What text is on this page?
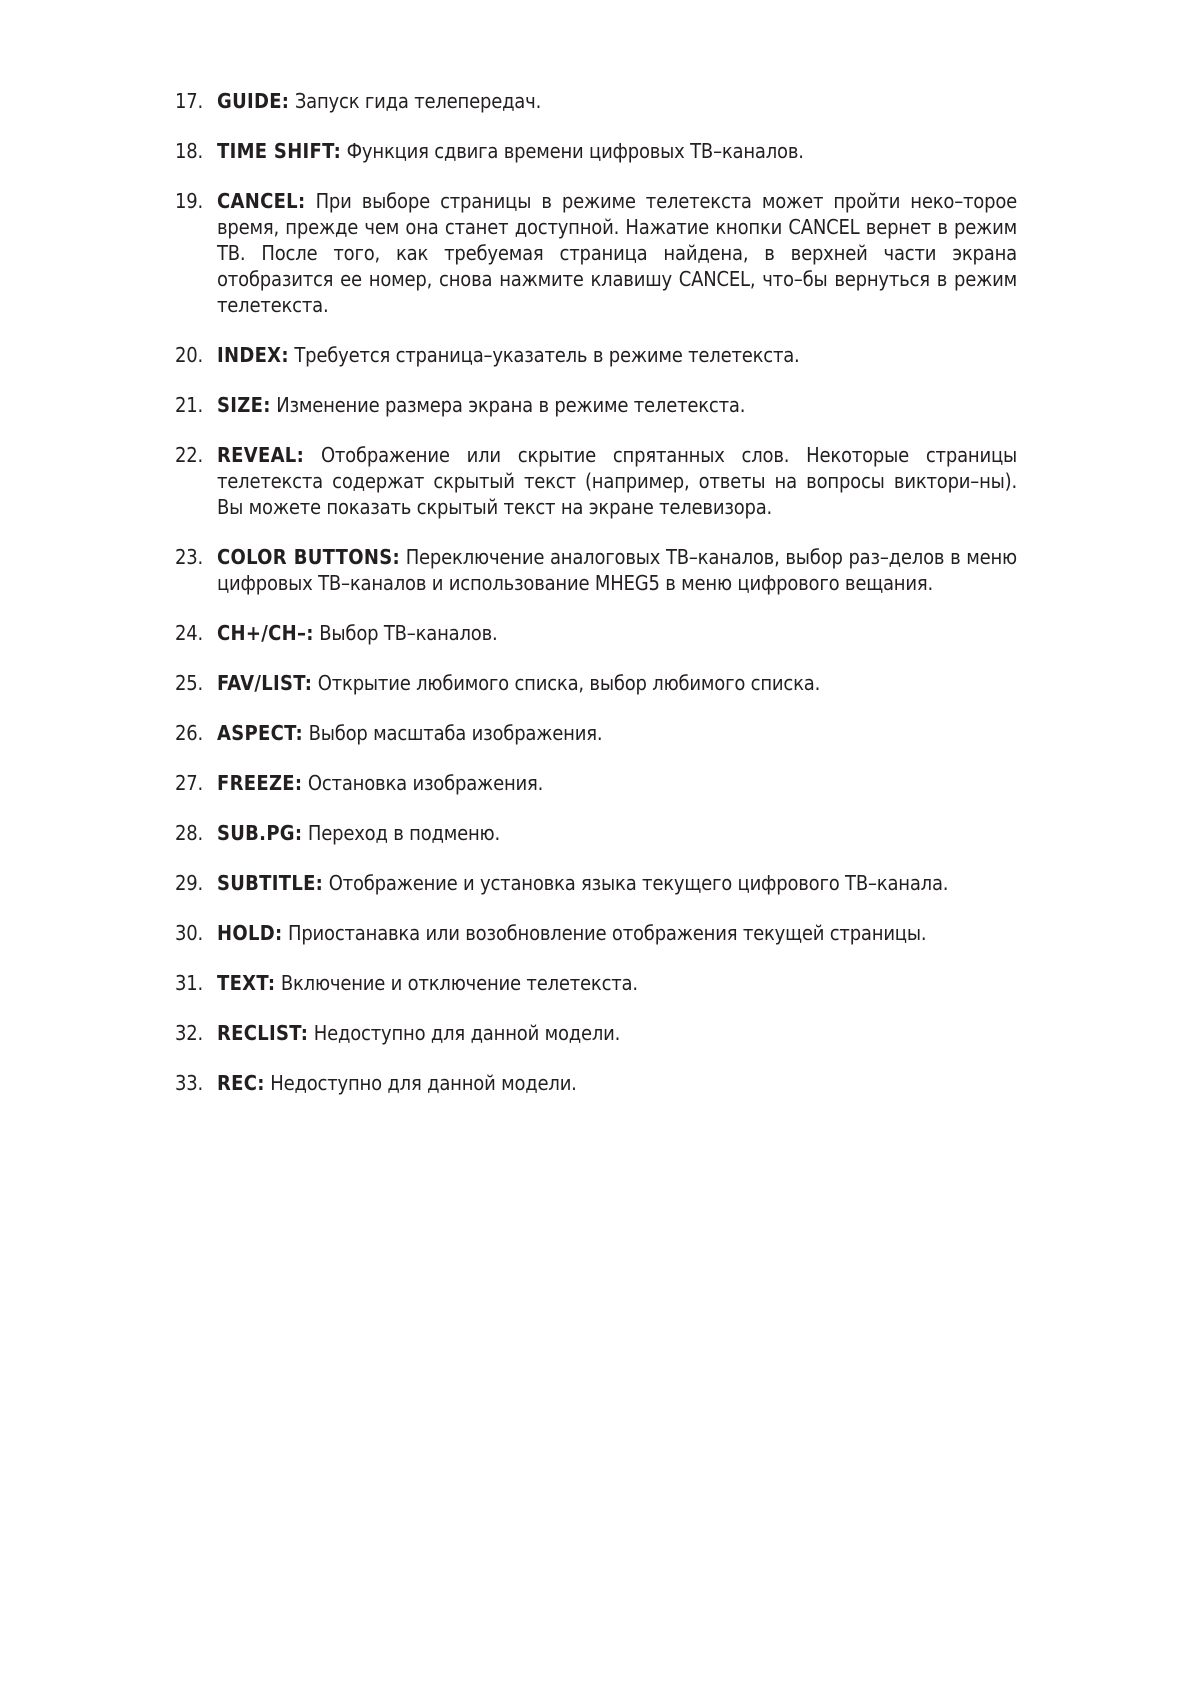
17. GUIDE: Запуск гида телепередач.
18. TIME SHIFT: Функция сдвига времени цифровых ТВ–каналов.
19. CANCEL: При выборе страницы в режиме телетекста может пройти неко–торое время, прежде чем она станет доступной. Нажатие кнопки CANCEL вернет в режим ТВ. После того, как требуемая страница найдена, в верхней части экрана отобразится ее номер, снова нажмите клавишу CANCEL, что–бы вернуться в режим телетекста.
20. INDEX: Требуется страница–указатель в режиме телетекста.
21. SIZE: Изменение размера экрана в режиме телетекста.
22. REVEAL: Отображение или скрытие спрятанных слов. Некоторые страницы телетекста содержат скрытый текст (например, ответы на вопросы виктори–ны). Вы можете показать скрытый текст на экране телевизора.
23. COLOR BUTTONS: Переключение аналоговых ТВ–каналов, выбор раз–делов в меню цифровых ТВ–каналов и использование MHEG5 в меню цифрового вещания.
24. CH+/CH–: Выбор ТВ–каналов.
25. FAV/LIST: Открытие любимого списка, выбор любимого списка.
26. ASPECT: Выбор масштаба изображения.
27. FREEZE: Остановка изображения.
28. SUB.PG: Переход в подменю.
29. SUBTITLE: Отображение и установка языка текущего цифрового ТВ–канала.
30. HOLD: Приостанавка или возобновление отображения текущей страницы.
31. TEXT: Включение и отключение телетекста.
32. RECLIST: Недоступно для данной модели.
33. REC: Недоступно для данной модели.
